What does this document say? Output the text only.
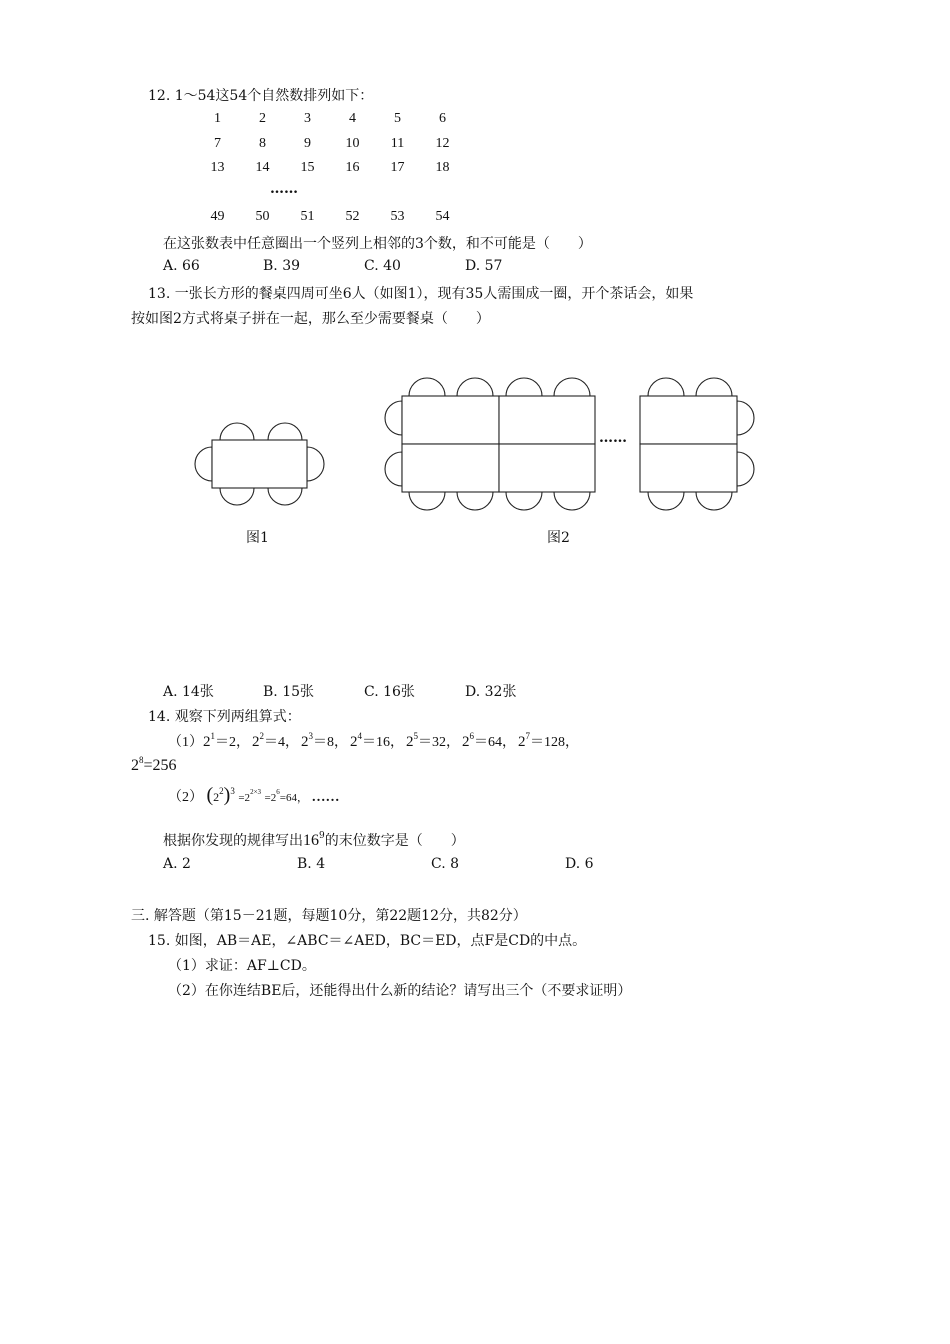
12. 1～54这54个自然数排列如下：
1	2	3	4	5	6
7	8	9	10	11	12
13	14	15	16	17	18
……
49	50	51	52	53	54
在这张数表中任意圈出一个竖列上相邻的3个数，和不可能是（　　）
A. 66	B. 39	C. 40	D. 57
13. 一张长方形的餐桌四周可坐6人（如图1），现有35人需围成一圈，开个茶话会，如果
按如图2方式将桌子拼在一起，那么至少需要餐桌（　　）
……
图1	图2
A. 14张	B. 15张	C. 16张	D. 32张
14. 观察下列两组算式：
$(1)2^1=2$， $2^2=4$， $2^3=8$， $2^4=16$， $2^5=32$， $2^6=64$， $2^7=128$，
$2^8=256$
（2） $(2^2)^3 =2^{2\times 3} =2^6=64$， ……
根据你发现的规律写出$16^9$的末位数字是（　　）
A. 2	B. 4	C. 8	D. 6
三. 解答题（第15－21题，每题10分，第22题12分，共82分）
15. 如图，AB＝AE，∠ABC＝∠AED，BC＝ED，点F是CD的中点。
（1）求证：AF⊥CD。
（2）在你连结BE后，还能得出什么新的结论？请写出三个（不要求证明）
